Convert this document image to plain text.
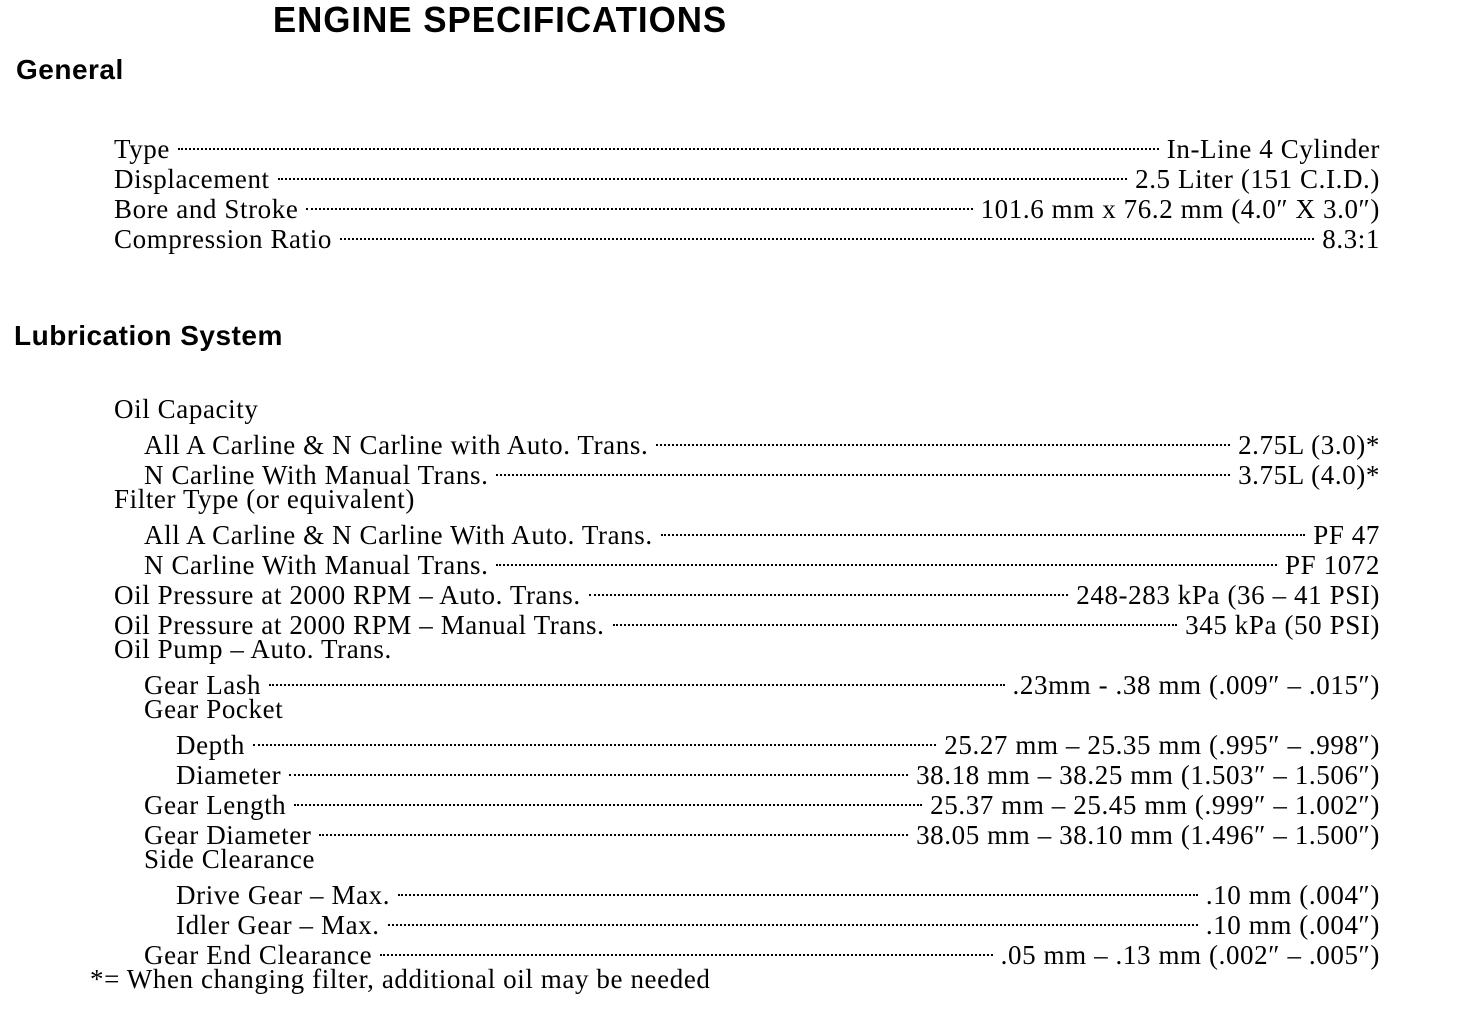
ENGINE SPECIFICATIONS
General
Type	In-Line 4 Cylinder
Displacement	2.5 Liter (151 C.I.D.)
Bore and Stroke	101.6 mm x 76.2 mm (4.0″ X 3.0″)
Compression Ratio	8.3:1
Lubrication System
Oil Capacity
All A Carline & N Carline with Auto. Trans.	2.75L (3.0)*
N Carline With Manual Trans.	3.75L (4.0)*
Filter Type (or equivalent)
All A Carline & N Carline With Auto. Trans.	PF 47
N Carline With Manual Trans.	PF 1072
Oil Pressure at 2000 RPM – Auto. Trans.	248-283 kPa (36 – 41 PSI)
Oil Pressure at 2000 RPM – Manual Trans.	345 kPa (50 PSI)
Oil Pump – Auto. Trans.
Gear Lash	.23mm - .38 mm (.009″ – .015″)
Gear Pocket
Depth	25.27 mm – 25.35 mm (.995″ – .998″)
Diameter	38.18 mm – 38.25 mm (1.503″ – 1.506″)
Gear Length	25.37 mm – 25.45 mm (.999″ – 1.002″)
Gear Diameter	38.05 mm – 38.10 mm (1.496″ – 1.500″)
Side Clearance
Drive Gear – Max.	.10 mm (.004″)
Idler Gear – Max.	.10 mm (.004″)
Gear End Clearance	.05 mm – .13 mm (.002″ – .005″)
*= When changing filter, additional oil may be needed
